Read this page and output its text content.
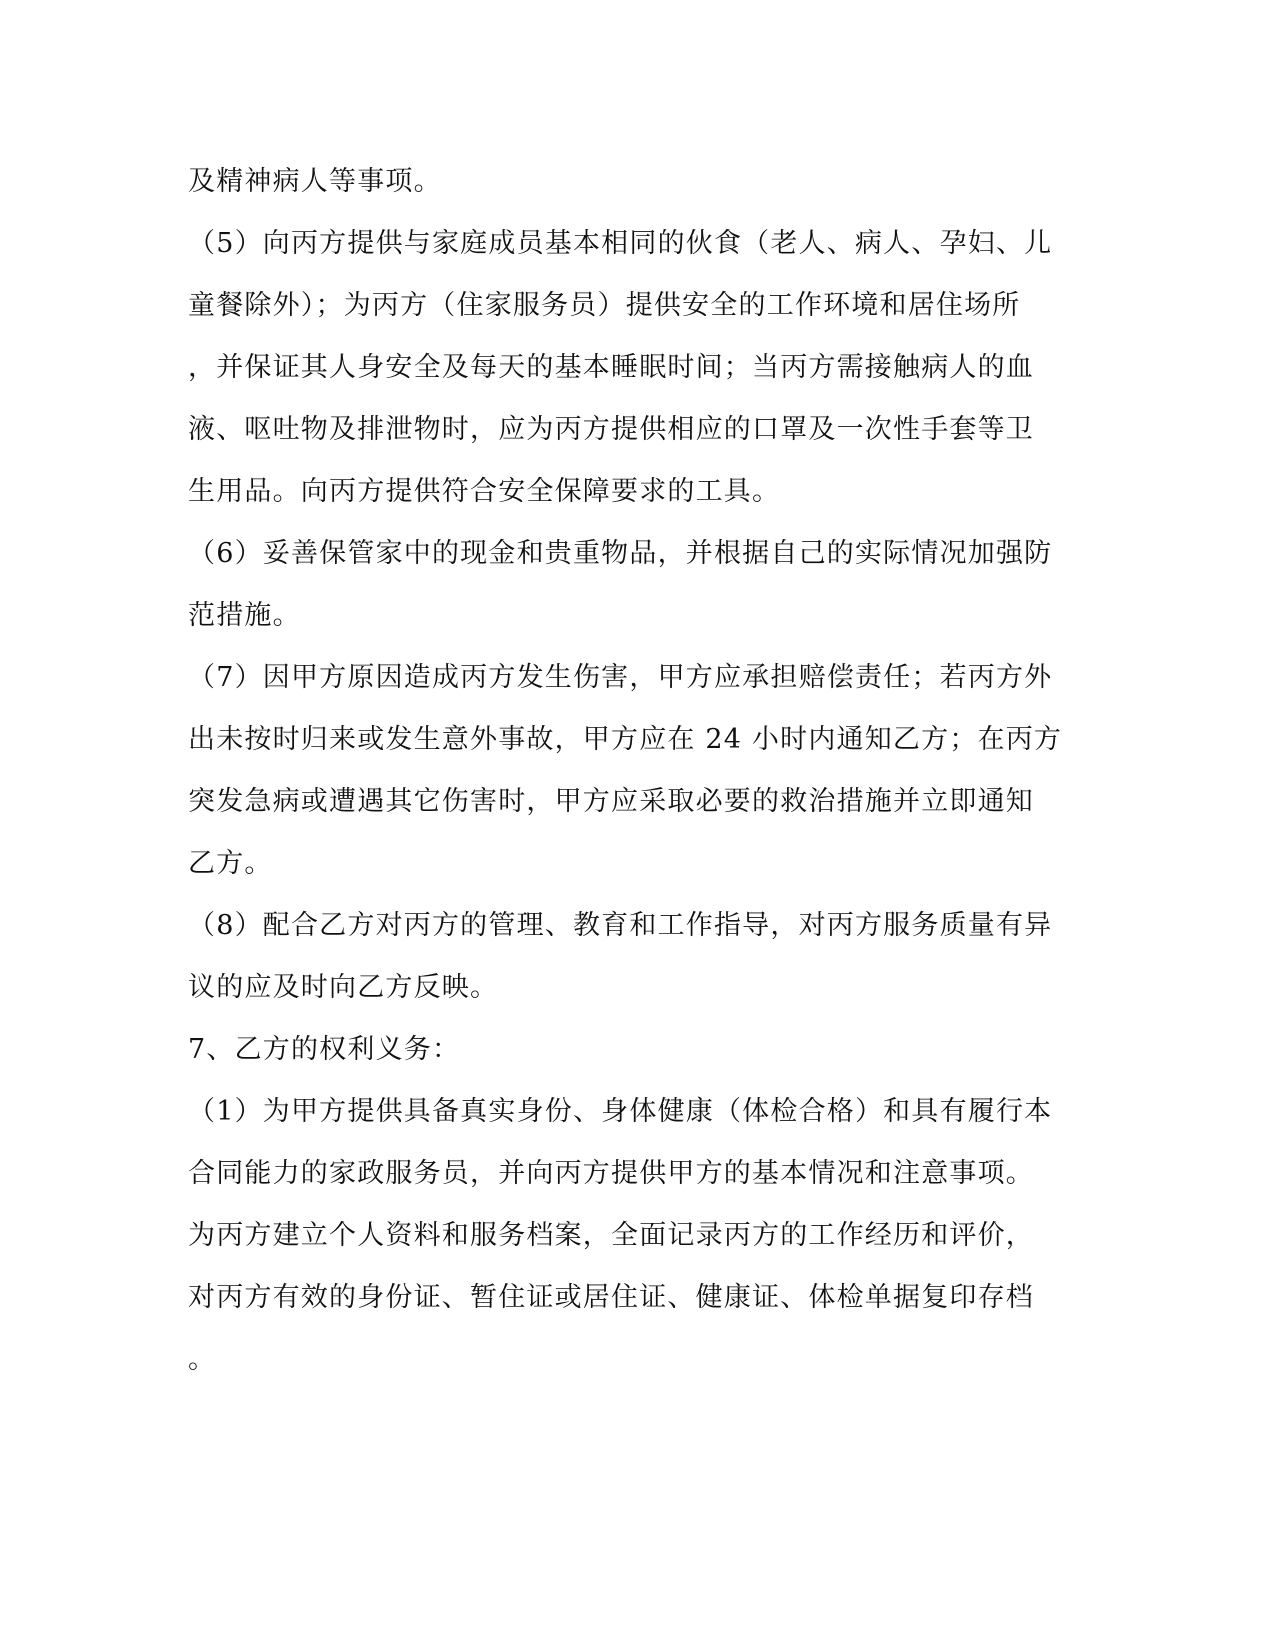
及精神病人等事项。
（5）向丙方提供与家庭成员基本相同的伙食（老人、病人、孕妇、儿
童餐除外）；为丙方（住家服务员）提供安全的工作环境和居住场所
，并保证其人身安全及每天的基本睡眠时间；当丙方需接触病人的血
液、呕吐物及排泄物时，应为丙方提供相应的口罩及一次性手套等卫
生用品。向丙方提供符合安全保障要求的工具。
（6）妥善保管家中的现金和贵重物品，并根据自己的实际情况加强防
范措施。
（7）因甲方原因造成丙方发生伤害，甲方应承担赔偿责任；若丙方外
出未按时归来或发生意外事故，甲方应在 24 小时内通知乙方；在丙方
突发急病或遭遇其它伤害时，甲方应采取必要的救治措施并立即通知
乙方。
（8）配合乙方对丙方的管理、教育和工作指导，对丙方服务质量有异
议的应及时向乙方反映。
7、乙方的权利义务：
（1）为甲方提供具备真实身份、身体健康（体检合格）和具有履行本
合同能力的家政服务员，并向丙方提供甲方的基本情况和注意事项。
为丙方建立个人资料和服务档案，全面记录丙方的工作经历和评价，
对丙方有效的身份证、暂住证或居住证、健康证、体检单据复印存档
。
